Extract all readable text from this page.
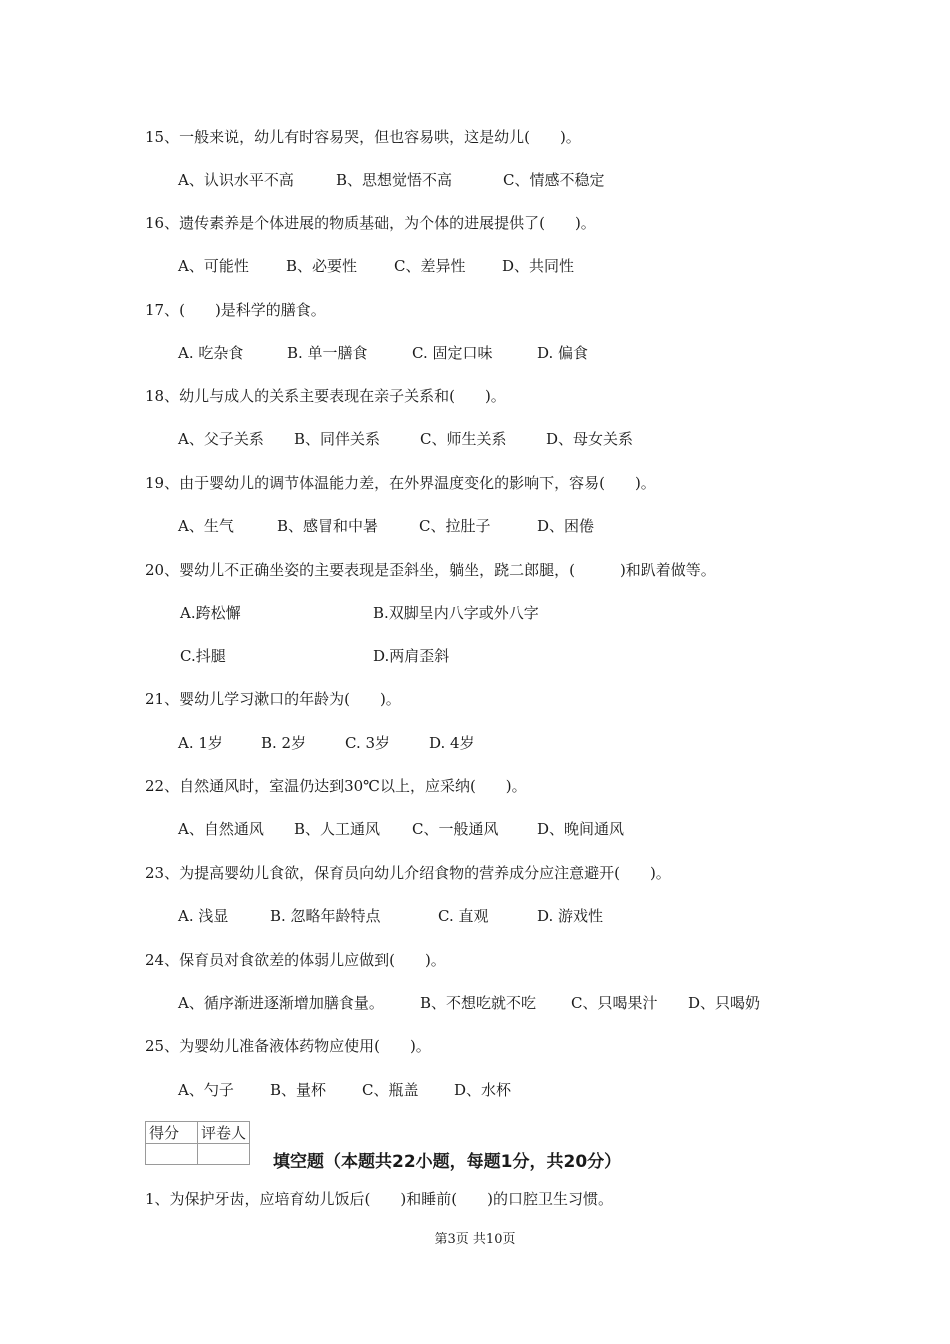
15、一般来说，幼儿有时容易哭，但也容易哄，这是幼儿(　　)。
A、认识水平不高	B、思想觉悟不高	C、情感不稳定
16、遗传素养是个体进展的物质基础，为个体的进展提供了(　　)。
A、可能性 B、必要性 C、差异性 D、共同性
17、(　　)是科学的膳食。
A. 吃杂食	B. 单一膳食	C. 固定口味	D. 偏食
18、幼儿与成人的关系主要表现在亲子关系和(　　)。
A、父子关系 B、同伴关系	C、师生关系	D、母女关系
19、由于婴幼儿的调节体温能力差，在外界温度变化的影响下，容易(　　)。
A、生气	B、感冒和中暑	C、拉肚子	D、困倦
20、婴幼儿不正确坐姿的主要表现是歪斜坐，躺坐，跷二郎腿，(　　　)和趴着做等。
A.跨松懈	B.双脚呈内八字或外八字
C.抖腿	D.两肩歪斜
21、婴幼儿学习漱口的年龄为(　　)。
A. 1岁	B. 2岁	C. 3岁	D. 4岁
22、自然通风时，室温仍达到30℃以上，应采纳(　　)。
A、自然通风 B、人工通风 C、一般通风	D、晚间通风
23、为提高婴幼儿食欲，保育员向幼儿介绍食物的营养成分应注意避开(　　)。
A. 浅显	B. 忽略年龄特点	C. 直观	D. 游戏性
24、保育员对食欲差的体弱儿应做到(　　)。
A、循序渐进逐渐增加膳食量。 B、不想吃就不吃 C、只喝果汁 D、只喝奶
25、为婴幼儿准备液体药物应使用(　　)。
A、勺子 B、量杯 C、瓶盖 D、水杯
得分	评卷人

填空题（本题共22小题，每题1分，共20分）
1、为保护牙齿，应培育幼儿饭后(　　)和睡前(　　)的口腔卫生习惯。
第3页 共10页
